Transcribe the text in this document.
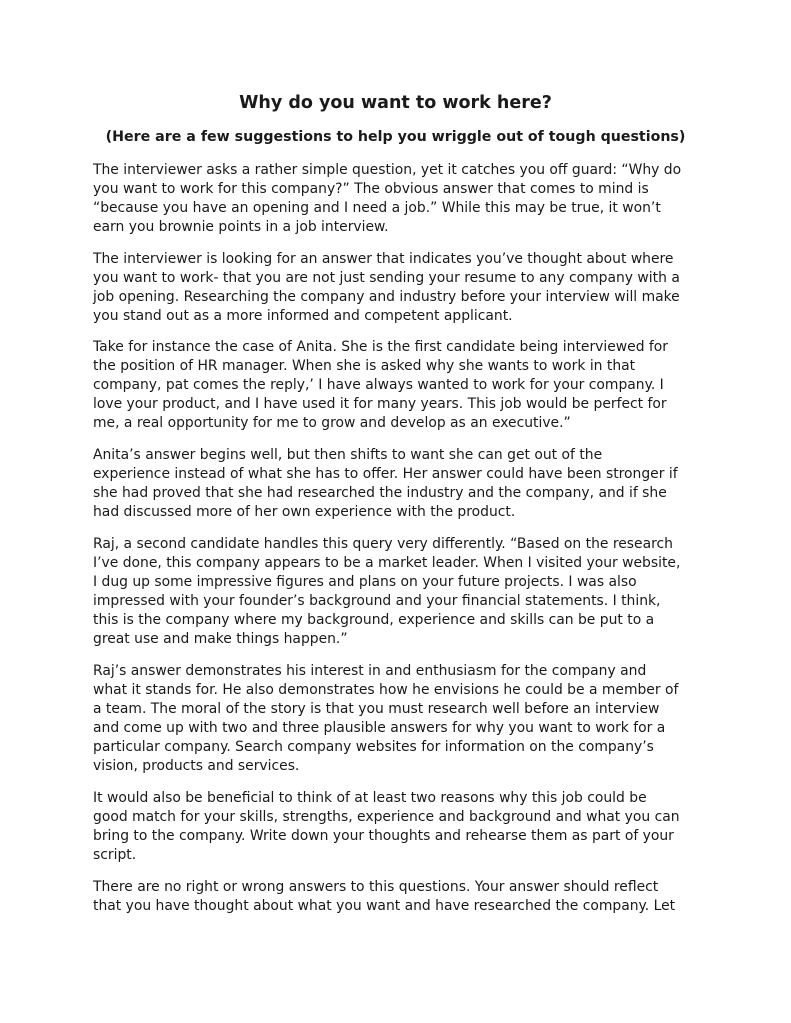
Why do you want to work here?
(Here are a few suggestions to help you wriggle out of tough questions)

The interviewer asks a rather simple question, yet it catches you off guard: “Why do
you want to work for this company?” The obvious answer that comes to mind is
“because you have an opening and I need a job.” While this may be true, it won’t
earn you brownie points in a job interview.

The interviewer is looking for an answer that indicates you’ve thought about where
you want to work- that you are not just sending your resume to any company with a
job opening. Researching the company and industry before your interview will make
you stand out as a more informed and competent applicant.

Take for instance the case of Anita. She is the first candidate being interviewed for
the position of HR manager. When she is asked why she wants to work in that
company, pat comes the reply,’ I have always wanted to work for your company. I
love your product, and I have used it for many years. This job would be perfect for
me, a real opportunity for me to grow and develop as an executive.”

Anita’s answer begins well, but then shifts to want she can get out of the
experience instead of what she has to offer. Her answer could have been stronger if
she had proved that she had researched the industry and the company, and if she
had discussed more of her own experience with the product.

Raj, a second candidate handles this query very differently. “Based on the research
I’ve done, this company appears to be a market leader. When I visited your website,
I dug up some impressive figures and plans on your future projects. I was also
impressed with your founder’s background and your financial statements. I think,
this is the company where my background, experience and skills can be put to a
great use and make things happen.”

Raj’s answer demonstrates his interest in and enthusiasm for the company and
what it stands for. He also demonstrates how he envisions he could be a member of
a team. The moral of the story is that you must research well before an interview
and come up with two and three plausible answers for why you want to work for a
particular company. Search company websites for information on the company’s
vision, products and services.

It would also be beneficial to think of at least two reasons why this job could be
good match for your skills, strengths, experience and background and what you can
bring to the company. Write down your thoughts and rehearse them as part of your
script.

There are no right or wrong answers to this questions. Your answer should reflect
that you have thought about what you want and have researched the company. Let
